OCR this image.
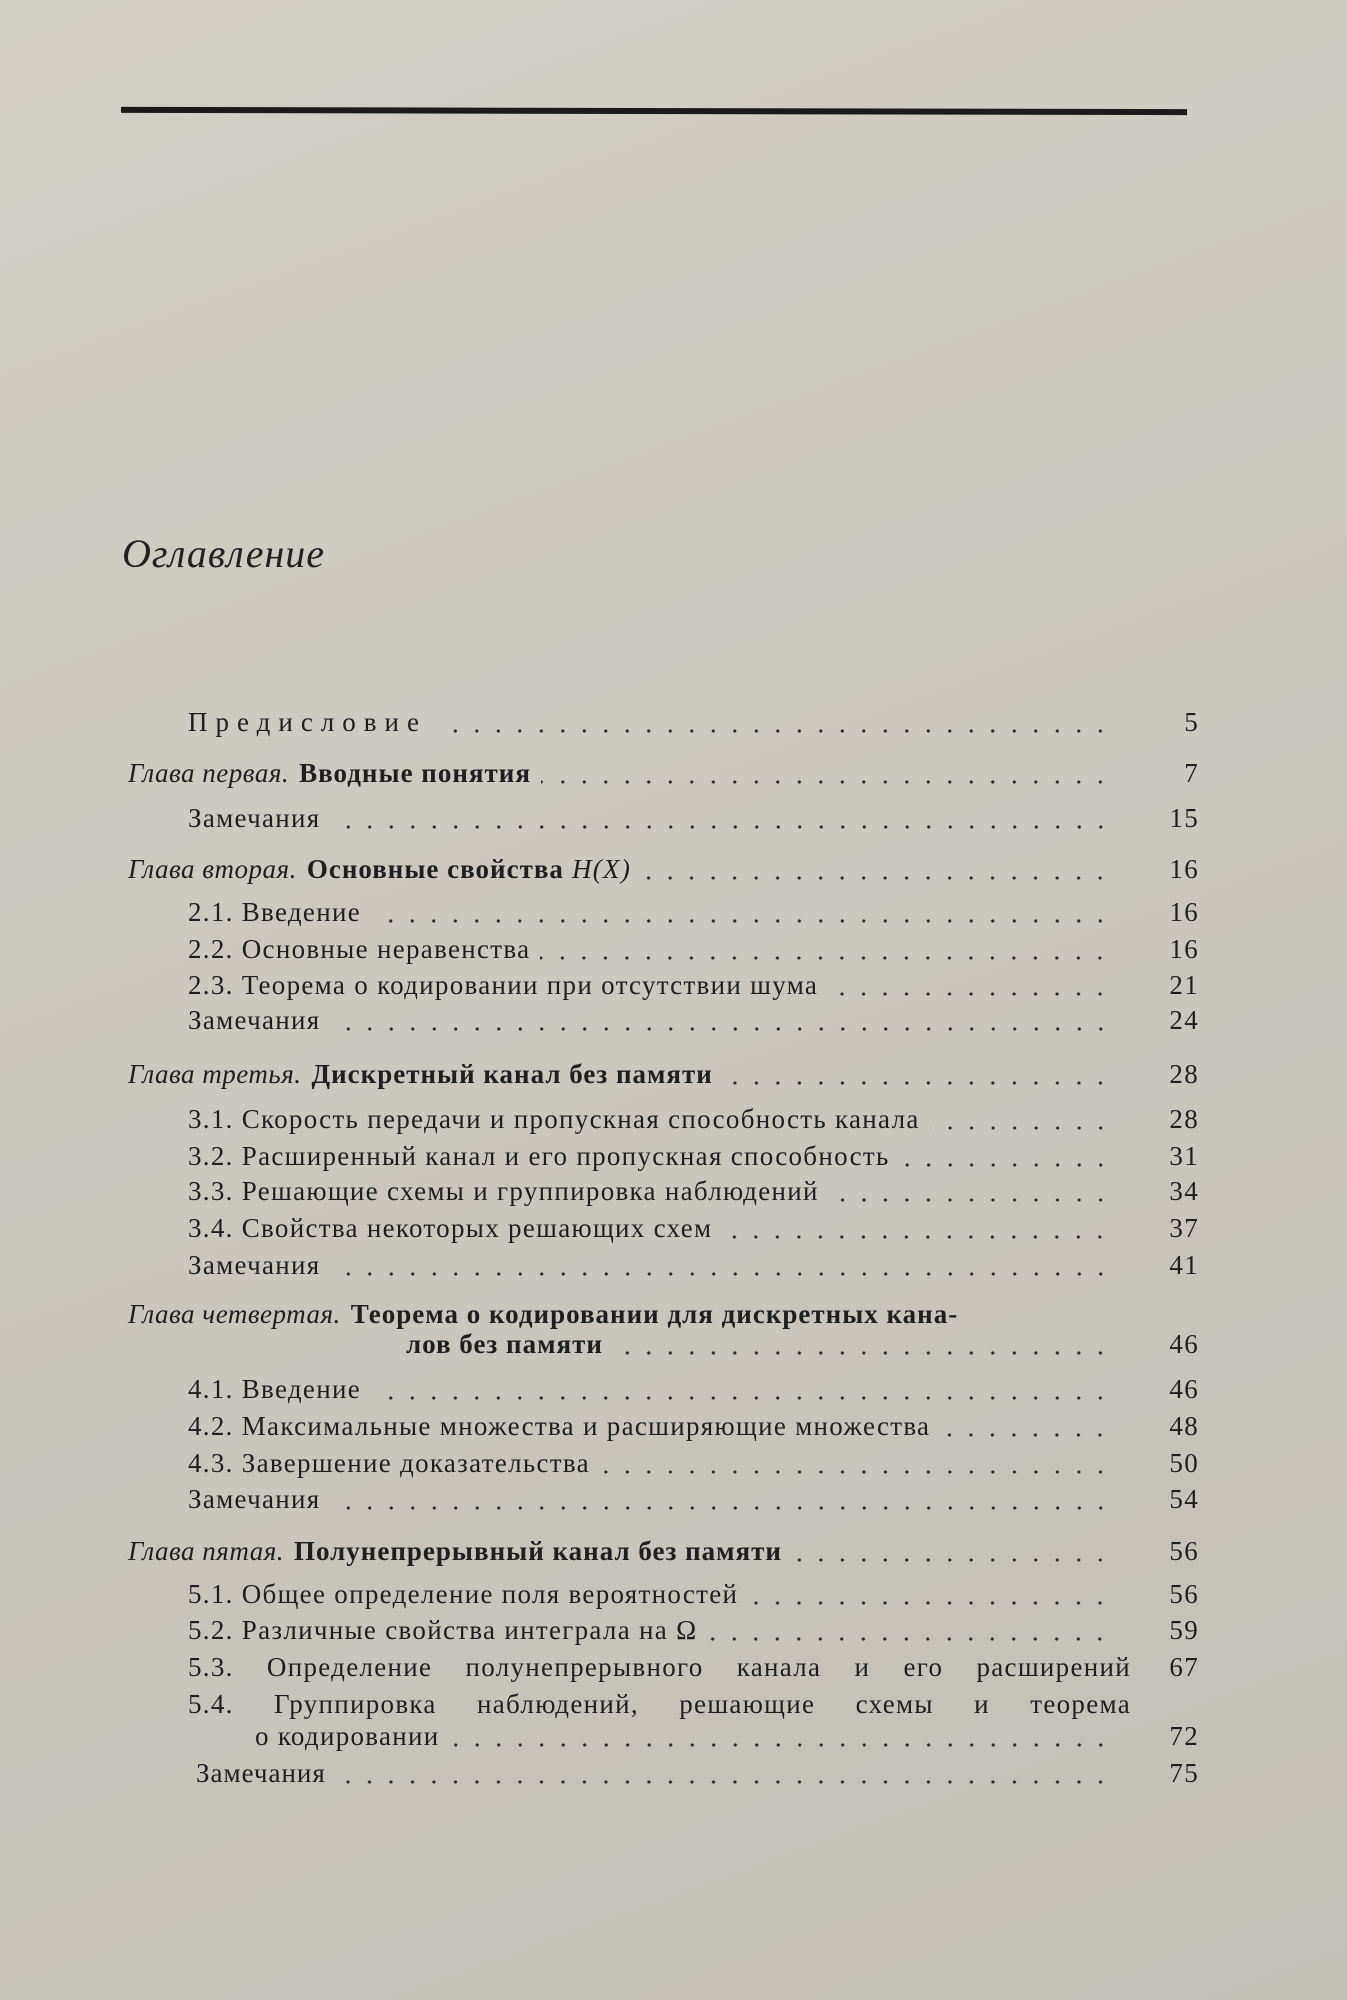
Оглавление
Предисловие	5
Глава первая. Вводные понятия	7
Замечания	15
Глава вторая. Основные свойства H(X)	16
2.1. Введение	16
2.2. Основные неравенства	16
2.3. Теорема о кодировании при отсутствии шума	21
Замечания	24
Глава третья. Дискретный канал без памяти	28
3.1. Скорость передачи и пропускная способность канала	28
3.2. Расширенный канал и его пропускная способность	31
3.3. Решающие схемы и группировка наблюдений	34
3.4. Свойства некоторых решающих схем	37
Замечания	41
Глава четвертая. Теорема о кодировании для дискретных кана-
лов без памяти	46
4.1. Введение	46
4.2. Максимальные множества и расширяющие множества	48
4.3. Завершение доказательства	50
Замечания	54
Глава пятая. Полунепрерывный канал без памяти	56
5.1. Общее определение поля вероятностей	56
5.2. Различные свойства интеграла на Ω	59
5.3. Определение полунепрерывного канала и его расширений	67
5.4. Группировка наблюдений, решающие схемы и теорема
о кодировании	72
Замечания	75
